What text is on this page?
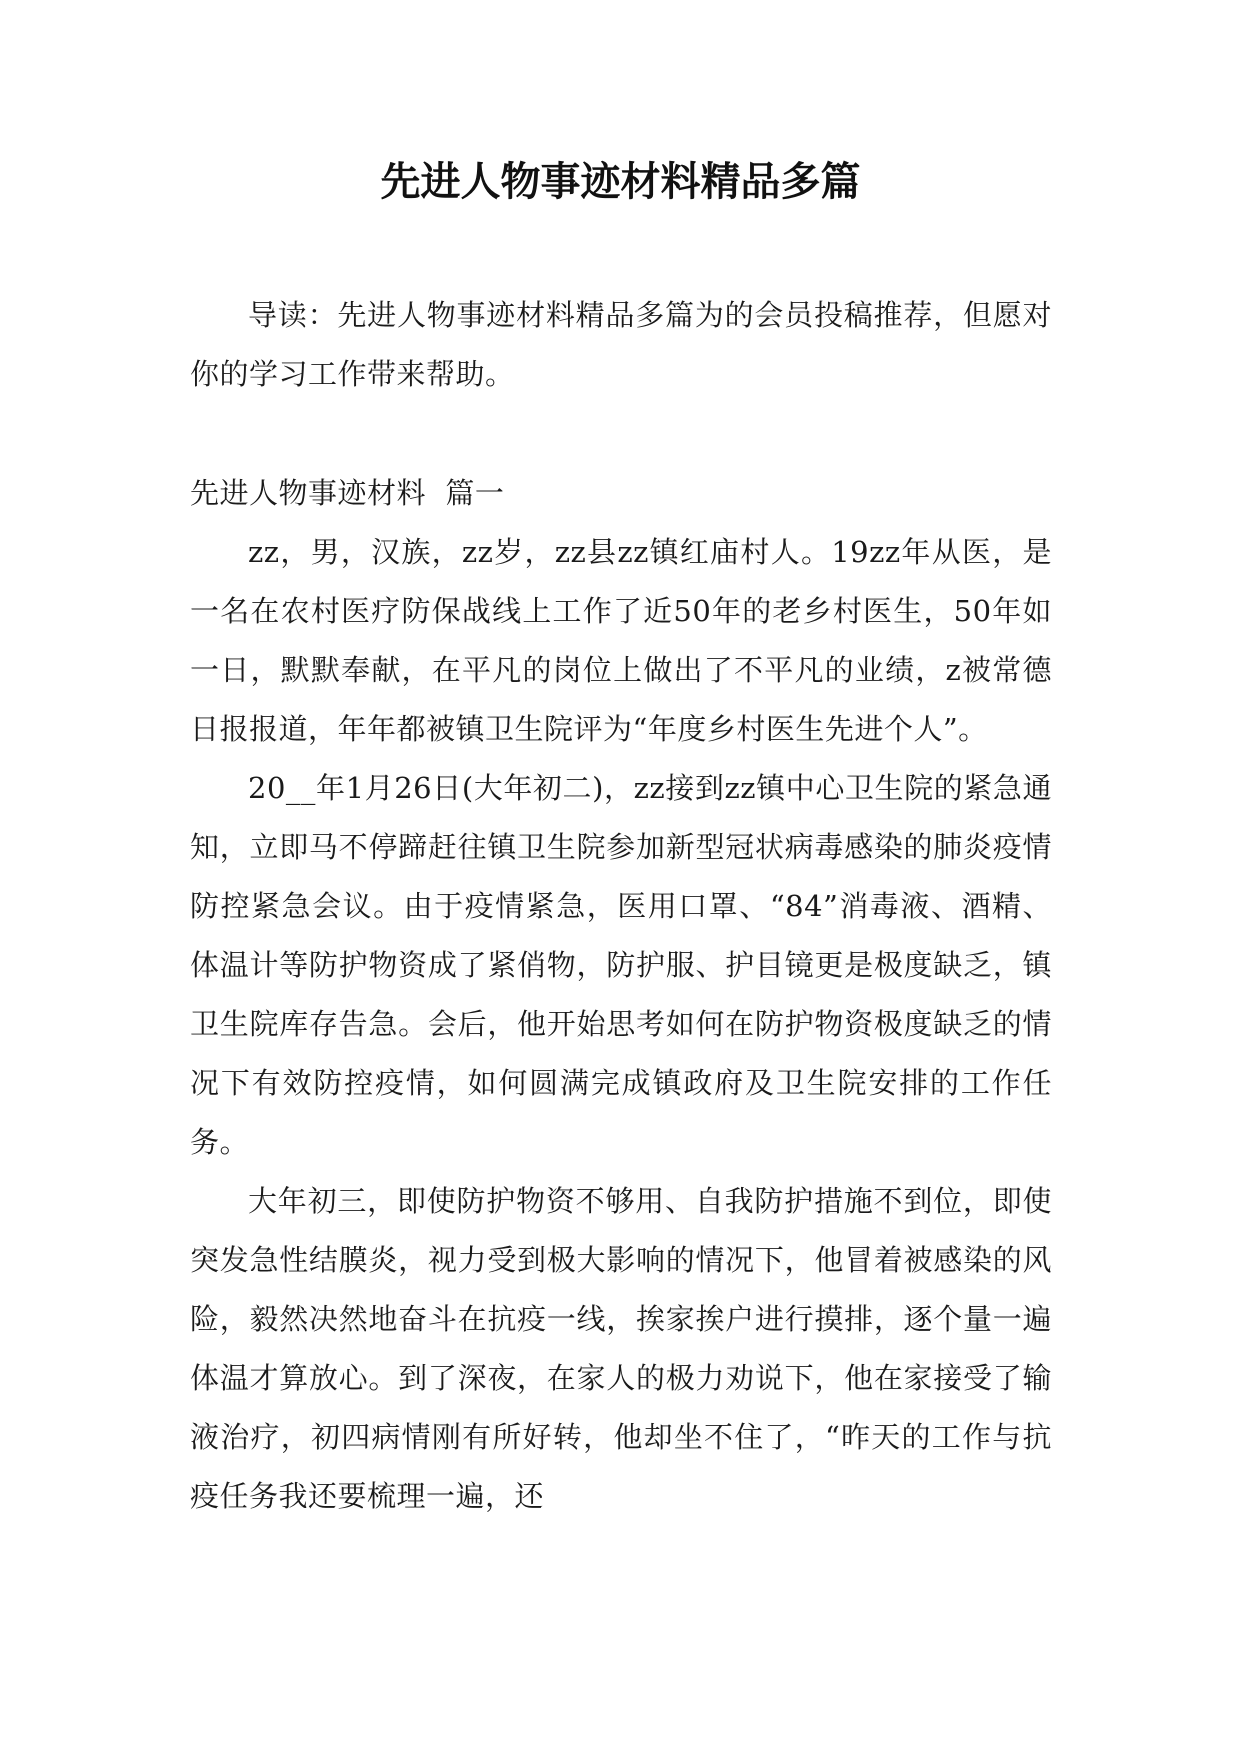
先进人物事迹材料精品多篇

导读：先进人物事迹材料精品多篇为的会员投稿推荐，但愿对你的学习工作带来帮助。

先进人物事迹材料  篇一

zz，男，汉族，zz岁，zz县zz镇红庙村人。19zz年从医，是一名在农村医疗防保战线上工作了近50年的老乡村医生，50年如一日，默默奉献，在平凡的岗位上做出了不平凡的业绩，z被常德日报报道，年年都被镇卫生院评为“年度乡村医生先进个人”。

20__年1月26日(大年初二)，zz接到zz镇中心卫生院的紧急通知，立即马不停蹄赶往镇卫生院参加新型冠状病毒感染的肺炎疫情防控紧急会议。由于疫情紧急，医用口罩、“84”消毒液、酒精、体温计等防护物资成了紧俏物，防护服、护目镜更是极度缺乏，镇卫生院库存告急。会后，他开始思考如何在防护物资极度缺乏的情况下有效防控疫情，如何圆满完成镇政府及卫生院安排的工作任务。

大年初三，即使防护物资不够用、自我防护措施不到位，即使突发急性结膜炎，视力受到极大影响的情况下，他冒着被感染的风险，毅然决然地奋斗在抗疫一线，挨家挨户进行摸排，逐个量一遍体温才算放心。到了深夜，在家人的极力劝说下，他在家接受了输液治疗，初四病情刚有所好转，他却坐不住了，“昨天的工作与抗疫任务我还要梳理一遍，还
